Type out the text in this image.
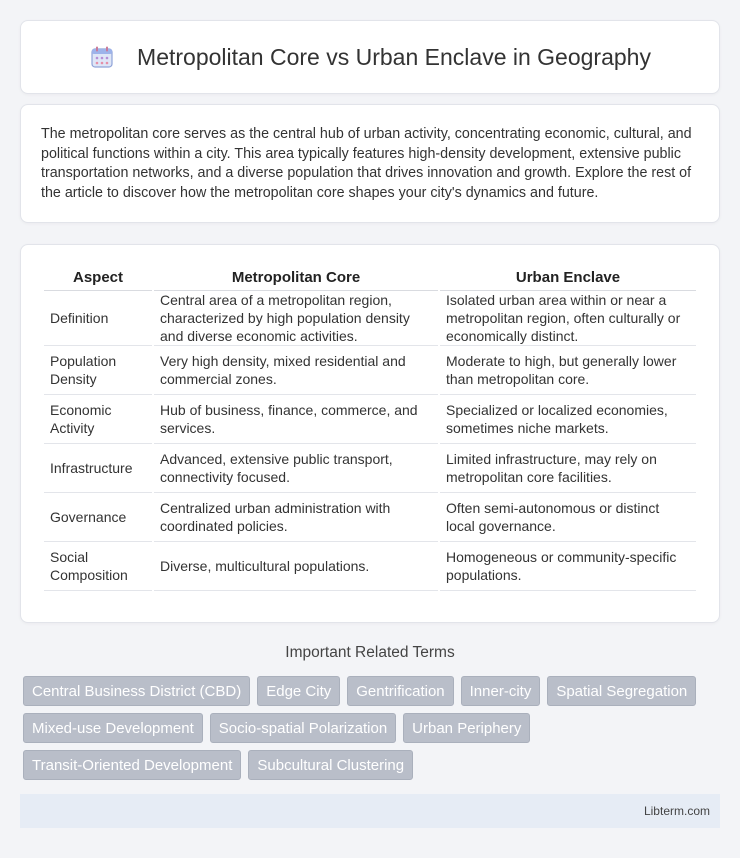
Metropolitan Core vs Urban Enclave in Geography

The metropolitan core serves as the central hub of urban activity, concentrating economic, cultural, and political functions within a city. This area typically features high-density development, extensive public transportation networks, and a diverse population that drives innovation and growth. Explore the rest of the article to discover how the metropolitan core shapes your city's dynamics and future.

Aspect	Metropolitan Core	Urban Enclave
Definition	Central area of a metropolitan region, characterized by high population density and diverse economic activities.	Isolated urban area within or near a metropolitan region, often culturally or economically distinct.
Population Density	Very high density, mixed residential and commercial zones.	Moderate to high, but generally lower than metropolitan core.
Economic Activity	Hub of business, finance, commerce, and services.	Specialized or localized economies, sometimes niche markets.
Infrastructure	Advanced, extensive public transport, connectivity focused.	Limited infrastructure, may rely on metropolitan core facilities.
Governance	Centralized urban administration with coordinated policies.	Often semi-autonomous or distinct local governance.
Social Composition	Diverse, multicultural populations.	Homogeneous or community-specific populations.
Important Related Terms
Central Business District (CBD)	Edge City	Gentrification	Inner-city	Spatial Segregation
Mixed-use Development	Socio-spatial Polarization	Urban Periphery
Transit-Oriented Development	Subcultural Clustering
Libterm.com
